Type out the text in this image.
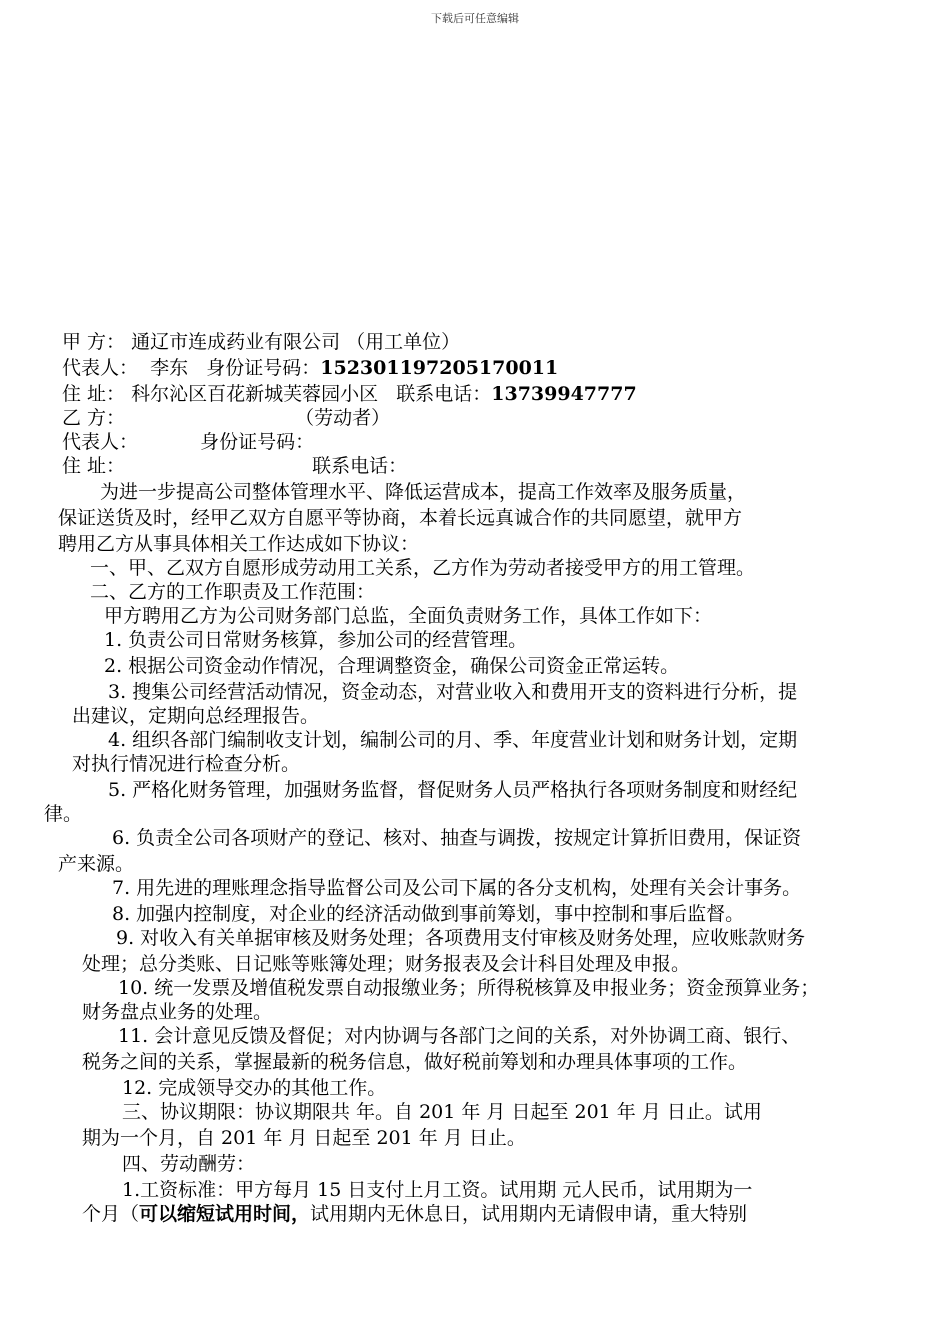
下载后可任意编辑
甲 方： 通辽市连成药业有限公司 （用工单位）
代表人： 李东 身份证号码：152301197205170011
住 址： 科尔沁区百花新城芙蓉园小区 联系电话：13739947777
乙 方：	（劳动者）
代表人：	身份证号码：
住 址：	联系电话：
为进一步提高公司整体管理水平、降低运营成本，提高工作效率及服务质量，
保证送货及时，经甲乙双方自愿平等协商，本着长远真诚合作的共同愿望，就甲方
聘用乙方从事具体相关工作达成如下协议：
一、甲、乙双方自愿形成劳动用工关系，乙方作为劳动者接受甲方的用工管理。
二、乙方的工作职责及工作范围：
甲方聘用乙方为公司财务部门总监，全面负责财务工作，具体工作如下：
1. 负责公司日常财务核算，参加公司的经营管理。
2. 根据公司资金动作情况，合理调整资金，确保公司资金正常运转。
3. 搜集公司经营活动情况，资金动态，对营业收入和费用开支的资料进行分析，提
出建议，定期向总经理报告。
4. 组织各部门编制收支计划，编制公司的月、季、年度营业计划和财务计划，定期
对执行情况进行检查分析。
5. 严格化财务管理，加强财务监督，督促财务人员严格执行各项财务制度和财经纪
律。
6. 负责全公司各项财产的登记、核对、抽查与调拨，按规定计算折旧费用，保证资
产来源。
7. 用先进的理账理念指导监督公司及公司下属的各分支机构，处理有关会计事务。
8. 加强内控制度，对企业的经济活动做到事前筹划，事中控制和事后监督。
9. 对收入有关单据审核及财务处理；各项费用支付审核及财务处理，应收账款财务
处理；总分类账、日记账等账簿处理；财务报表及会计科目处理及申报。
10. 统一发票及增值税发票自动报缴业务；所得税核算及申报业务；资金预算业务；
财务盘点业务的处理。
11. 会计意见反馈及督促；对内协调与各部门之间的关系，对外协调工商、银行、
税务之间的关系，掌握最新的税务信息，做好税前筹划和办理具体事项的工作。
12. 完成领导交办的其他工作。
三、协议期限：协议期限共 年。自 201 年 月 日起至 201 年 月 日止。试用
期为一个月，自 201 年 月 日起至 201 年 月 日止。
四、劳动酬劳：
1.工资标准：甲方每月 15 日支付上月工资。试用期 元人民币，试用期为一
个月（可以缩短试用时间，试用期内无休息日，试用期内无请假申请，重大特别
